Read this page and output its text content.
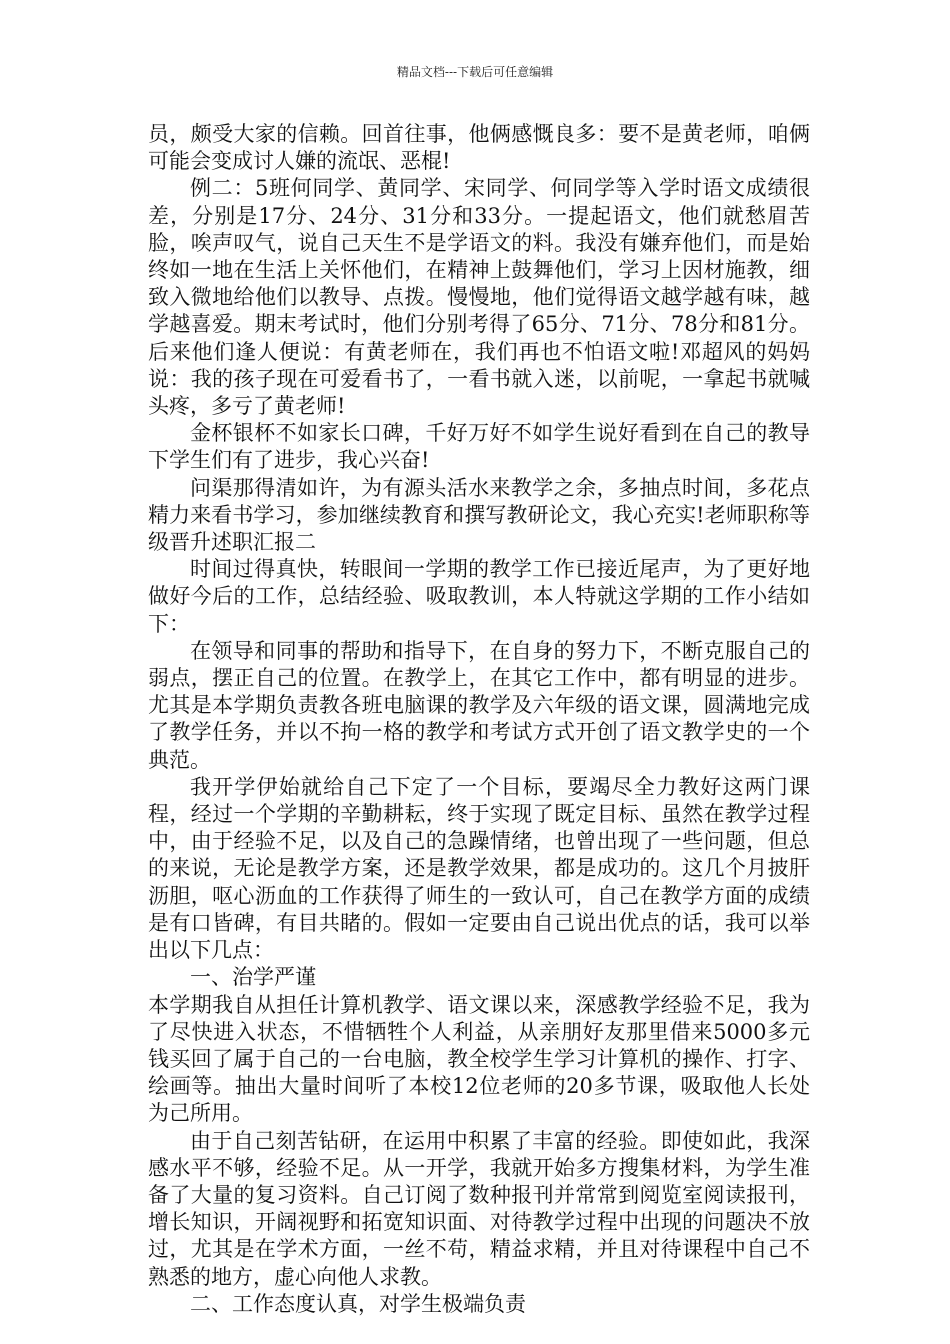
精品文档---下载后可任意编辑

员，颇受大家的信赖。回首往事，他俩感慨良多：要不是黄老师，咱俩可能会变成讨人嫌的流氓、恶棍!

例二：5班何同学、黄同学、宋同学、何同学等入学时语文成绩很差，分别是17分、24分、31分和33分。一提起语文，他们就愁眉苦脸，唉声叹气，说自己天生不是学语文的料。我没有嫌弃他们，而是始终如一地在生活上关怀他们，在精神上鼓舞他们，学习上因材施教，细致入微地给他们以教导、点拨。慢慢地，他们觉得语文越学越有味，越学越喜爱。期末考试时，他们分别考得了65分、71分、78分和81分。后来他们逢人便说：有黄老师在，我们再也不怕语文啦!邓超风的妈妈说：我的孩子现在可爱看书了，一看书就入迷，以前呢，一拿起书就喊头疼，多亏了黄老师!

金杯银杯不如家长口碑，千好万好不如学生说好看到在自己的教导下学生们有了进步，我心兴奋!

问渠那得清如许，为有源头活水来教学之余，多抽点时间，多花点精力来看书学习，参加继续教育和撰写教研论文，我心充实!老师职称等级晋升述职汇报二

时间过得真快，转眼间一学期的教学工作已接近尾声，为了更好地做好今后的工作，总结经验、吸取教训，本人特就这学期的工作小结如下：

在领导和同事的帮助和指导下，在自身的努力下，不断克服自己的弱点，摆正自己的位置。在教学上，在其它工作中，都有明显的进步。尤其是本学期负责教各班电脑课的教学及六年级的语文课，圆满地完成了教学任务，并以不拘一格的教学和考试方式开创了语文教学史的一个典范。

我开学伊始就给自己下定了一个目标，要竭尽全力教好这两门课程，经过一个学期的辛勤耕耘，终于实现了既定目标、虽然在教学过程中，由于经验不足，以及自己的急躁情绪，也曾出现了一些问题，但总的来说，无论是教学方案，还是教学效果，都是成功的。这几个月披肝沥胆，呕心沥血的工作获得了师生的一致认可，自己在教学方面的成绩是有口皆碑，有目共睹的。假如一定要由自己说出优点的话，我可以举出以下几点：

一、治学严谨

本学期我自从担任计算机教学、语文课以来，深感教学经验不足，我为了尽快进入状态，不惜牺牲个人利益，从亲朋好友那里借来5000多元钱买回了属于自己的一台电脑，教全校学生学习计算机的操作、打字、绘画等。抽出大量时间听了本校12位老师的20多节课，吸取他人长处为己所用。

由于自己刻苦钻研，在运用中积累了丰富的经验。即使如此，我深感水平不够，经验不足。从一开学，我就开始多方搜集材料，为学生准备了大量的复习资料。自己订阅了数种报刊并常常到阅览室阅读报刊，增长知识，开阔视野和拓宽知识面、对待教学过程中出现的问题决不放过，尤其是在学术方面，一丝不苟，精益求精，并且对待课程中自己不熟悉的地方，虚心向他人求教。

二、工作态度认真，对学生极端负责
